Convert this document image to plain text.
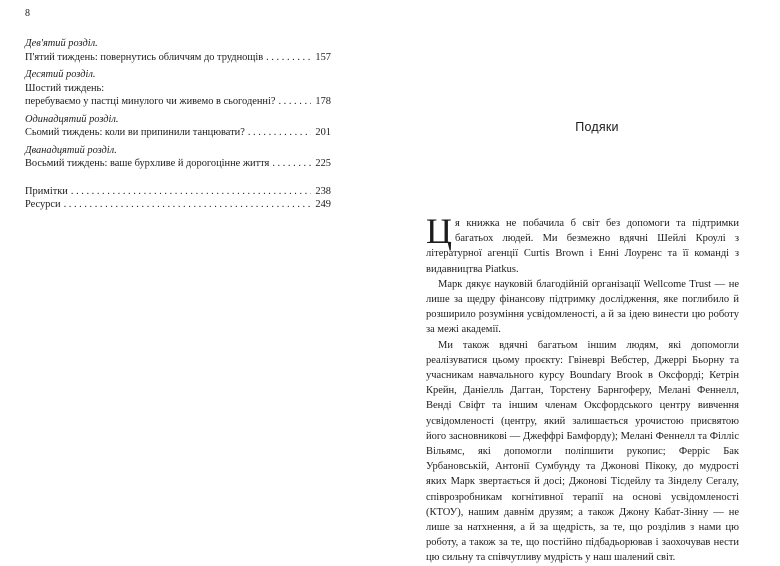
8
Дев'ятий розділ.
П'ятий тиждень: повернутись обличчям до труднощів . . .	157
Десятий розділ.
Шостий тиждень:
перебуваємо у пастці минулого чи живемо в сьогоденні? . . .	178
Одинадцятий розділ.
Сьомий тиждень: коли ви припинили танцювати? . . .	201
Дванадцятий розділ.
Восьмий тиждень: ваше бурхливе й дорогоцінне життя . . .	225
Примітки . . .	238
Ресурси . . .	249
Подяки

Ця книжка не побачила б світ без допомоги та підтримки багатьох людей. Ми безмежно вдячні Шейлі Кроулі з літературної агенції Curtis Brown і Енні Лоуренс та її команді з видавництва Piatkus.

Марк дякує науковій благодійній організації Wellcome Trust — не лише за щедру фінансову підтримку дослідження, яке поглибило й розширило розуміння усвідомленості, а й за ідею винести цю роботу за межі академії.

Ми також вдячні багатьом іншим людям, які допомогли реалізуватися цьому проєкту: Гвіневрі Вебстер, Джеррі Бьорну та учасникам навчального курсу Boundary Brook в Оксфорді; Кетрін Крейн, Даніелль Дагган, Торстену Барнгоферу, Мелані Феннелл, Венді Свіфт та іншим членам Оксфордського центру вивчення усвідомленості (центру, який залишається урочистою присвятою його засновникові — Джеффрі Бамфорду); Мелані Феннелл та Філліс Вільямс, які допомогли поліпшити рукопис; Ферріс Бак Урбановській, Антонії Сумбунду та Джонові Пікоку, до мудрості яких Марк звертається й досі; Джонові Тісдейлу та Зінделу Сегалу, співрозробникам когнітивної терапії на основі усвідомленості (КТОУ), нашим давнім друзям; а також Джону Кабат-Зінну — не лише за натхнення, а й за щедрість, за те, що розділив з нами цю роботу, а також за те, що постійно підбадьорював і заохочував нести цю сильну та співчутливу мудрість у наш шалений світ.
